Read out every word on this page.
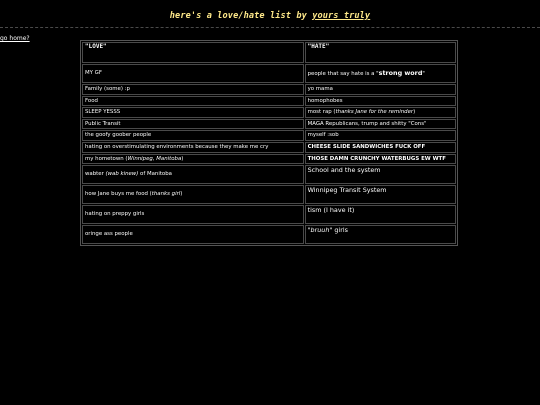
here's a love/hate list by yours truly
go home?
"LOVE"	"HATE"
MY GF	people that say hate is a "strong word"
Family (some) :p	yo mama
Food	homophobes
SLEEP YESSS	most rap (thanks Jane for the reminder)
Public Transit	MAGA Republicans, trump and shitty "Cons"
the goofy goober people	myself :sob
hating on overstimulating environments because they make me cry	CHEESE SLIDE SANDWICHES FUCK OFF
my hometown (Winnipeg, Manitoba)	THOSE DAMN CRUNCHY WATERBUGS EW WTF
wabter (wab kinew) of Manitoba	School and the system
how Jane buys me food (thanks girl)	Winnipeg Transit System
hating on preppy girls	tism (I have it)
oringe ass people	"bruuh" girls
